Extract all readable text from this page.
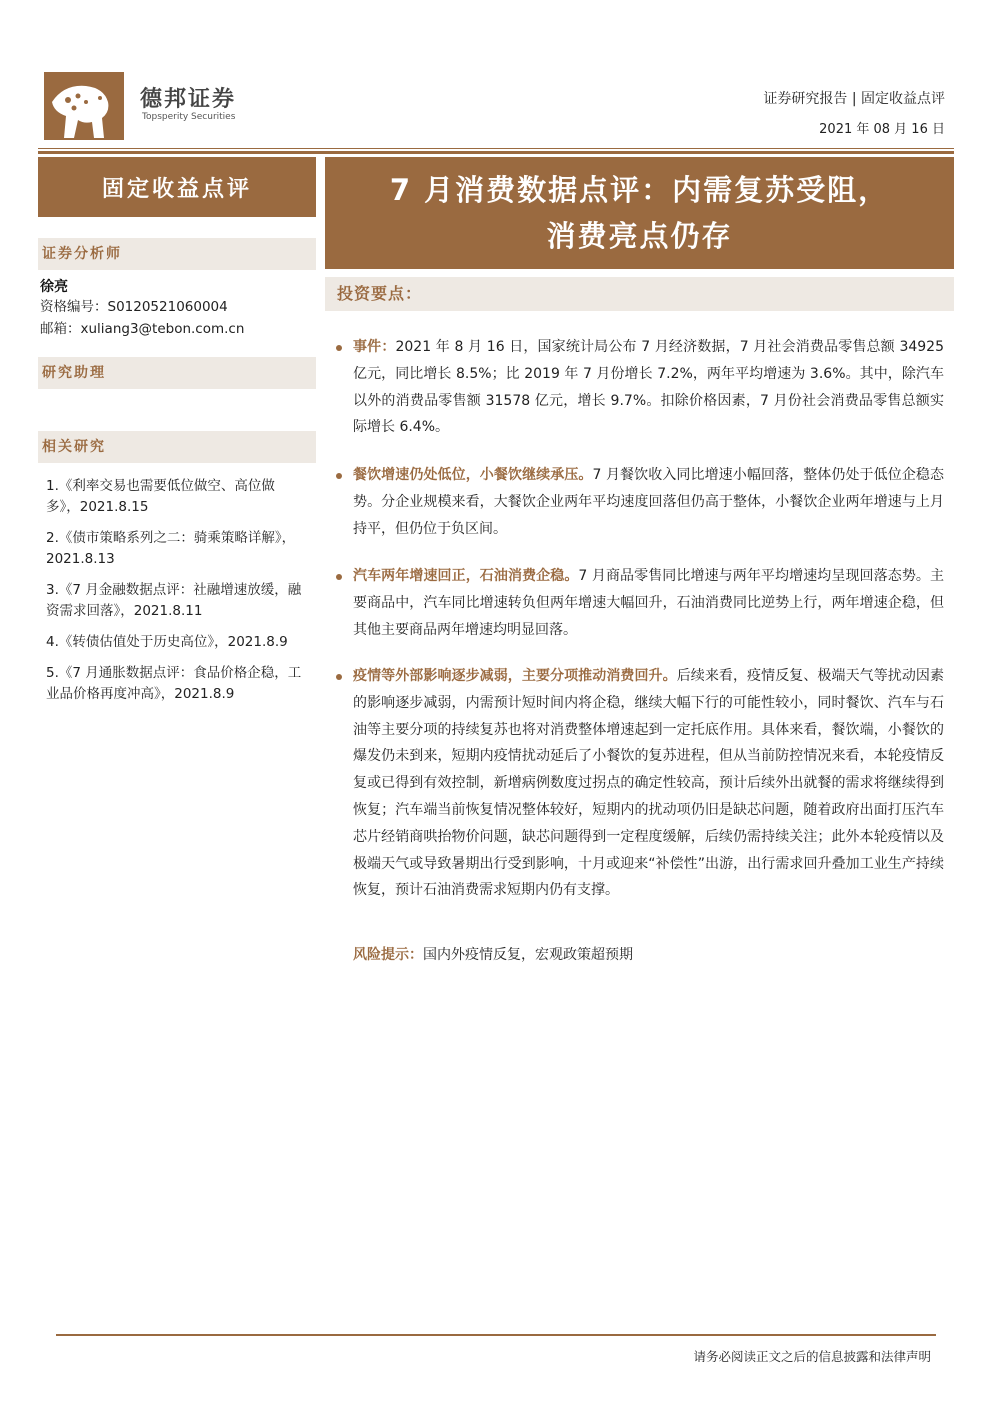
德邦证券
Topsperity Securities
证券研究报告 | 固定收益点评
2021 年 08 月 16 日
固定收益点评
证券分析师
徐亮
资格编号：S0120521060004
邮箱：xuliang3@tebon.com.cn
研究助理
相关研究
1.《利率交易也需要低位做空、高位做多》，2021.8.15
2.《债市策略系列之二：骑乘策略详解》，2021.8.13
3.《7 月金融数据点评：社融增速放缓，融资需求回落》，2021.8.11
4.《转债估值处于历史高位》，2021.8.9
5.《7 月通胀数据点评：食品价格企稳，工业品价格再度冲高》，2021.8.9
7 月消费数据点评：内需复苏受阻，
消费亮点仍存
投资要点：
事件：2021 年 8 月 16 日，国家统计局公布 7 月经济数据，7 月社会消费品零售总额 34925 亿元，同比增长 8.5%；比 2019 年 7 月份增长 7.2%，两年平均增速为 3.6%。其中，除汽车以外的消费品零售额 31578 亿元，增长 9.7%。扣除价格因素，7 月份社会消费品零售总额实际增长 6.4%。
餐饮增速仍处低位，小餐饮继续承压。7 月餐饮收入同比增速小幅回落，整体仍处于低位企稳态势。分企业规模来看，大餐饮企业两年平均速度回落但仍高于整体，小餐饮企业两年增速与上月持平，但仍位于负区间。
汽车两年增速回正，石油消费企稳。7 月商品零售同比增速与两年平均增速均呈现回落态势。主要商品中，汽车同比增速转负但两年增速大幅回升，石油消费同比逆势上行，两年增速企稳，但其他主要商品两年增速均明显回落。
疫情等外部影响逐步减弱，主要分项推动消费回升。后续来看，疫情反复、极端天气等扰动因素的影响逐步减弱，内需预计短时间内将企稳，继续大幅下行的可能性较小，同时餐饮、汽车与石油等主要分项的持续复苏也将对消费整体增速起到一定托底作用。具体来看，餐饮端，小餐饮的爆发仍未到来，短期内疫情扰动延后了小餐饮的复苏进程，但从当前防控情况来看，本轮疫情反复或已得到有效控制，新增病例数度过拐点的确定性较高，预计后续外出就餐的需求将继续得到恢复；汽车端当前恢复情况整体较好，短期内的扰动项仍旧是缺芯问题，随着政府出面打压汽车芯片经销商哄抬物价问题，缺芯问题得到一定程度缓解，后续仍需持续关注；此外本轮疫情以及极端天气或导致暑期出行受到影响，十月或迎来“补偿性”出游，出行需求回升叠加工业生产持续恢复，预计石油消费需求短期内仍有支撑。
风险提示：国内外疫情反复，宏观政策超预期
请务必阅读正文之后的信息披露和法律声明
